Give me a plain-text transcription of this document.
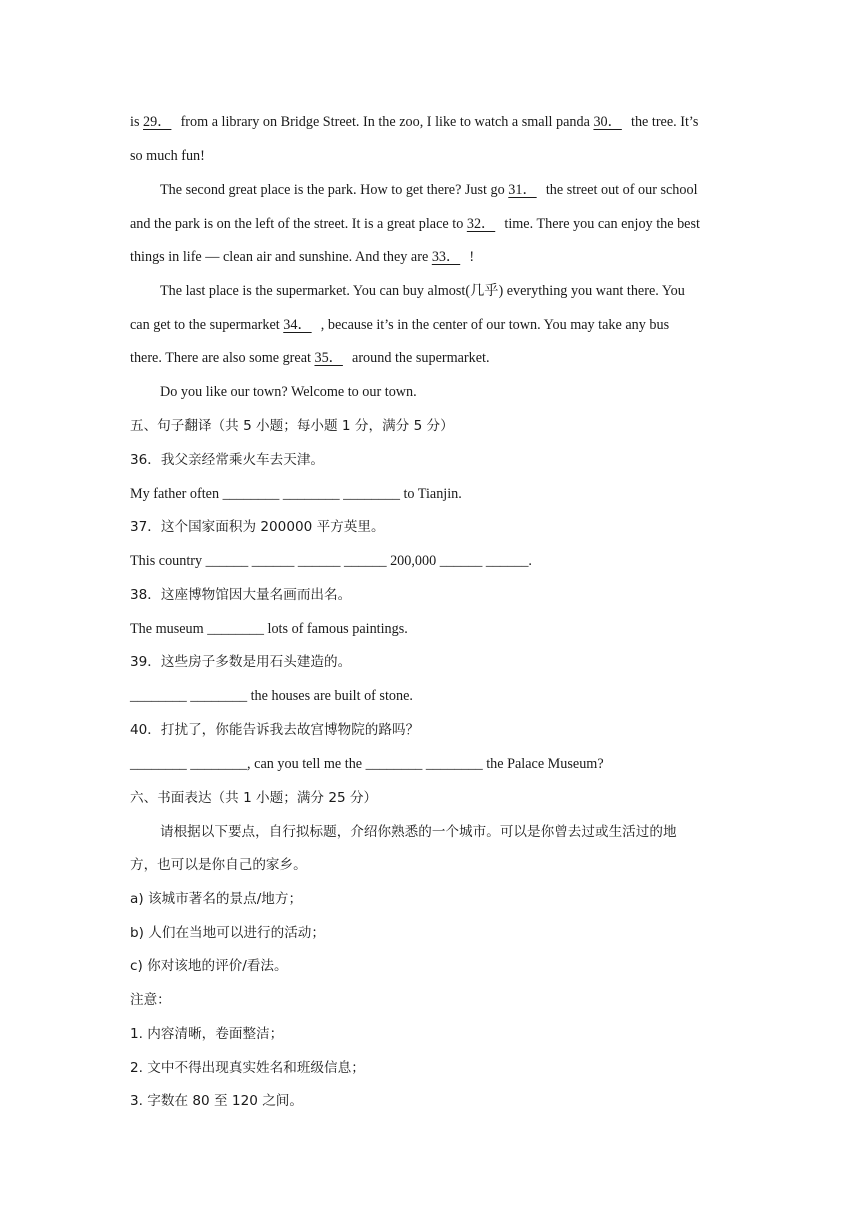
is 29． from a library on Bridge Street. In the zoo, I like to watch a small panda 30． the tree. It’s
so much fun!
The second great place is the park. How to get there? Just go 31． the street out of our school
and the park is on the left of the street. It is a great place to 32． time. There you can enjoy the best
things in life — clean air and sunshine. And they are 33． !
The last place is the supermarket. You can buy almost(几乎) everything you want there. You
can get to the supermarket 34． , because it’s in the center of our town. You may take any bus
there. There are also some great 35． around the supermarket.
Do you like our town? Welcome to our town.
五、句子翻译（共 5 小题；每小题 1 分，满分 5 分）
36．我父亲经常乘火车去天津。
My father often ________ ________ ________ to Tianjin.
37．这个国家面积为 200000 平方英里。
This country ______ ______ ______ ______ 200,000 ______ ______.
38．这座博物馆因大量名画而出名。
The museum ________ lots of famous paintings.
39．这些房子多数是用石头建造的。
________ ________ the houses are built of stone.
40．打扰了，你能告诉我去故宫博物院的路吗？
________ ________, can you tell me the ________ ________ the Palace Museum?
六、书面表达（共 1 小题；满分 25 分）
请根据以下要点，自行拟标题，介绍你熟悉的一个城市。可以是你曾去过或生活过的地
方，也可以是你自己的家乡。
a) 该城市著名的景点/地方；
b) 人们在当地可以进行的活动；
c) 你对该地的评价/看法。
注意：
1. 内容清晰，卷面整洁；
2. 文中不得出现真实姓名和班级信息；
3. 字数在 80 至 120 之间。
